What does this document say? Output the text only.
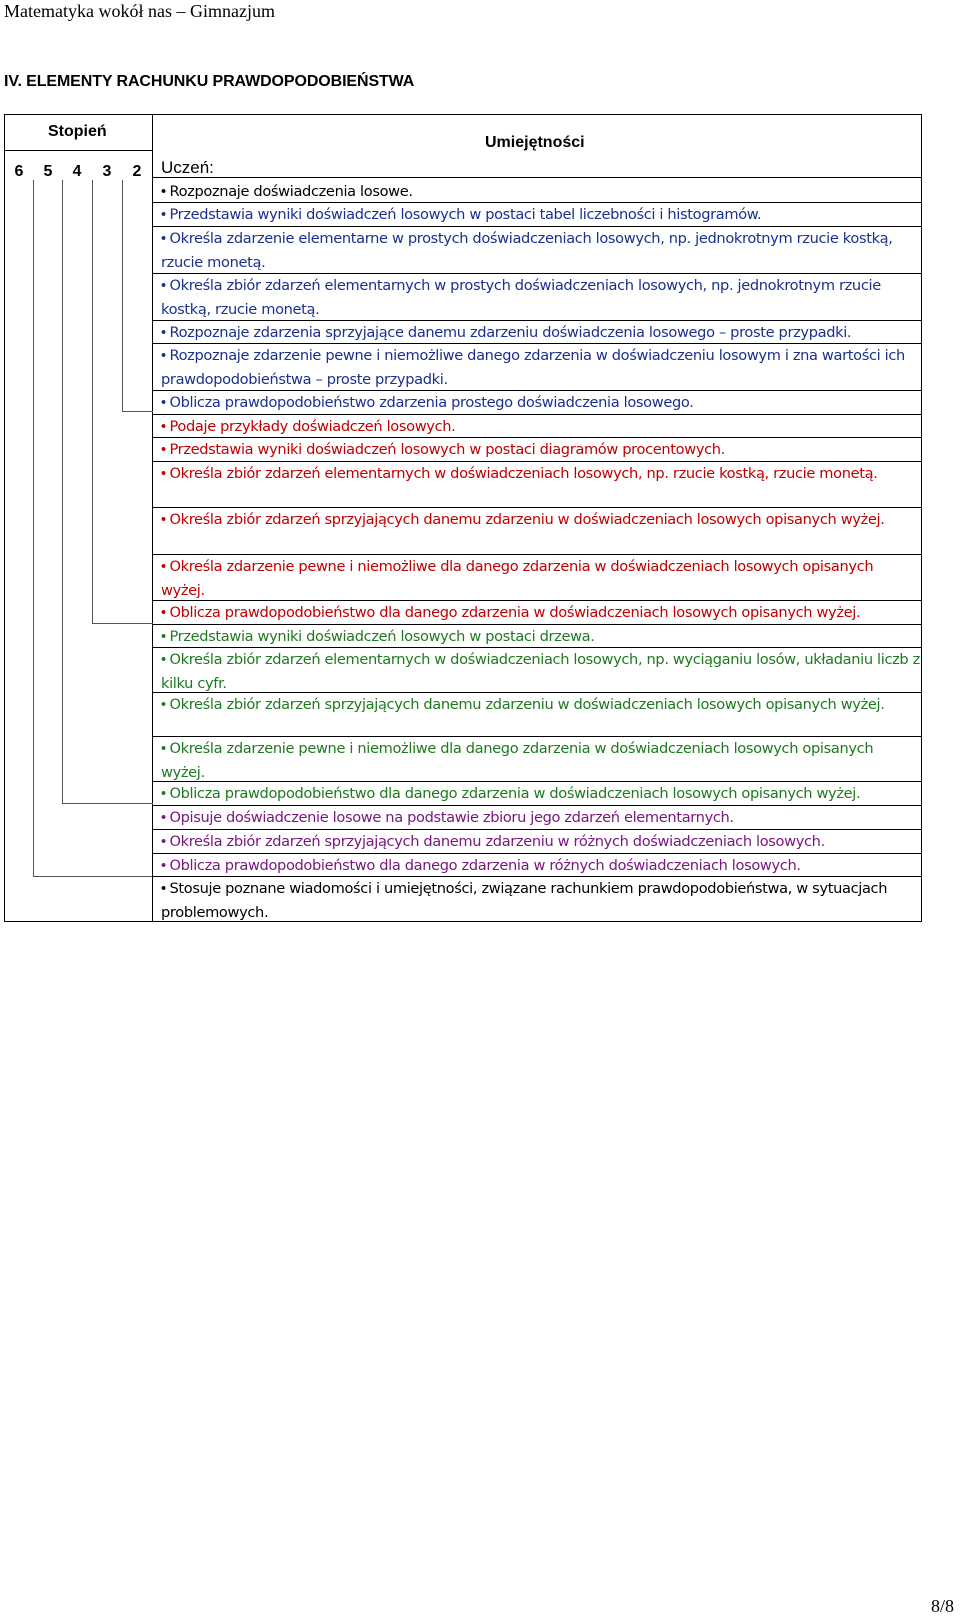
Matematyka wokół nas – Gimnazjum
IV. ELEMENTY RACHUNKU PRAWDOPODOBIEŃSTWA
Stopień
Umiejętności
6	5	4	3	2	Uczeń:
• Rozpoznaje doświadczenia losowe.
• Przedstawia wyniki doświadczeń losowych w postaci tabel liczebności i histogramów.
• Określa zdarzenie elementarne w prostych doświadczeniach losowych, np. jednokrotnym rzucie kostką, rzucie monetą.
• Określa zbiór zdarzeń elementarnych w prostych doświadczeniach losowych, np. jednokrotnym rzucie kostką, rzucie monetą.
• Rozpoznaje zdarzenia sprzyjające danemu zdarzeniu doświadczenia losowego – proste przypadki.
• Rozpoznaje zdarzenie pewne i niemożliwe danego zdarzenia w doświadczeniu losowym i zna wartości ich prawdopodobieństwa – proste przypadki.
• Oblicza prawdopodobieństwo zdarzenia prostego doświadczenia losowego.
• Podaje przykłady doświadczeń losowych.
• Przedstawia wyniki doświadczeń losowych w postaci diagramów procentowych.
• Określa zbiór zdarzeń elementarnych w doświadczeniach losowych, np. rzucie kostką, rzucie monetą.
• Określa zbiór zdarzeń sprzyjających danemu zdarzeniu w doświadczeniach losowych opisanych wyżej.
• Określa zdarzenie pewne i niemożliwe dla danego zdarzenia w doświadczeniach losowych opisanych wyżej.
• Oblicza prawdopodobieństwo dla danego zdarzenia w doświadczeniach losowych opisanych wyżej.
• Przedstawia wyniki doświadczeń losowych w postaci drzewa.
• Określa zbiór zdarzeń elementarnych w doświadczeniach losowych, np. wyciąganiu losów, układaniu liczb z kilku cyfr.
• Określa zbiór zdarzeń sprzyjających danemu zdarzeniu w doświadczeniach losowych opisanych wyżej.
• Określa zdarzenie pewne i niemożliwe dla danego zdarzenia w doświadczeniach losowych opisanych wyżej.
• Oblicza prawdopodobieństwo dla danego zdarzenia w doświadczeniach losowych opisanych wyżej.
• Opisuje doświadczenie losowe na podstawie zbioru jego zdarzeń elementarnych.
• Określa zbiór zdarzeń sprzyjających danemu zdarzeniu w różnych doświadczeniach losowych.
• Oblicza prawdopodobieństwo dla danego zdarzenia w różnych doświadczeniach losowych.
• Stosuje poznane wiadomości i umiejętności, związane rachunkiem prawdopodobieństwa, w sytuacjach problemowych.
8/8
